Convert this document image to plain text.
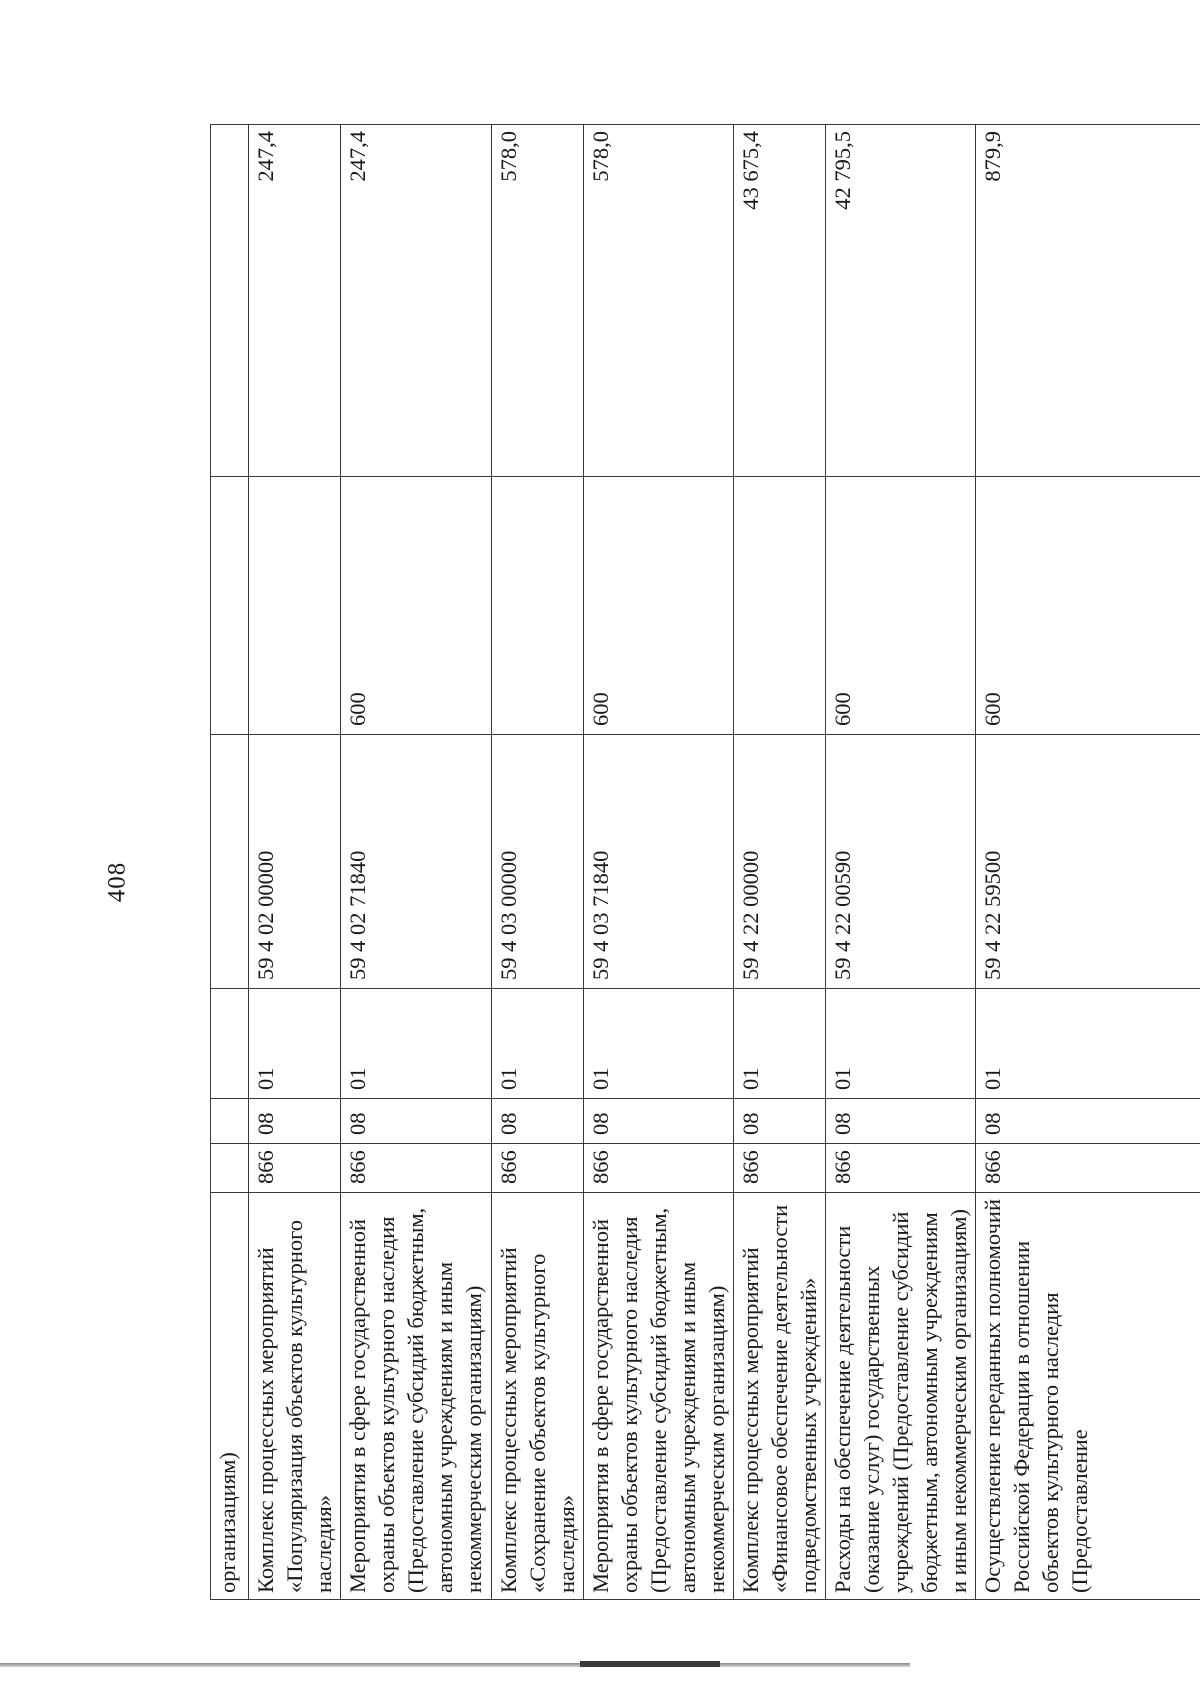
408
организациям)						
Комплекс процессных мероприятий «Популяризация объектов культурного наследия»	866	08	01	59 4 02 00000		247,4
Мероприятия в сфере государственной охраны объектов культурного наследия (Предоставление субсидий бюджетным, автономным учреждениям и иным некоммерческим организациям)	866	08	01	59 4 02 71840	600	247,4
Комплекс процессных мероприятий «Сохранение объектов культурного наследия»	866	08	01	59 4 03 00000		578,0
Мероприятия в сфере государственной охраны объектов культурного наследия (Предоставление субсидий бюджетным, автономным учреждениям и иным некоммерческим организациям)	866	08	01	59 4 03 71840	600	578,0
Комплекс процессных мероприятий «Финансовое обеспечение деятельности подведомственных учреждений»	866	08	01	59 4 22 00000		43 675,4
Расходы на обеспечение деятельности (оказание услуг) государственных учреждений (Предоставление субсидий бюджетным, автономным учреждениям и иным некоммерческим организациям)	866	08	01	59 4 22 00590	600	42 795,5
Осуществление переданных полномочий Российской Федерации в отношении объектов культурного наследия (Предоставление	866	08	01	59 4 22 59500	600	879,9
